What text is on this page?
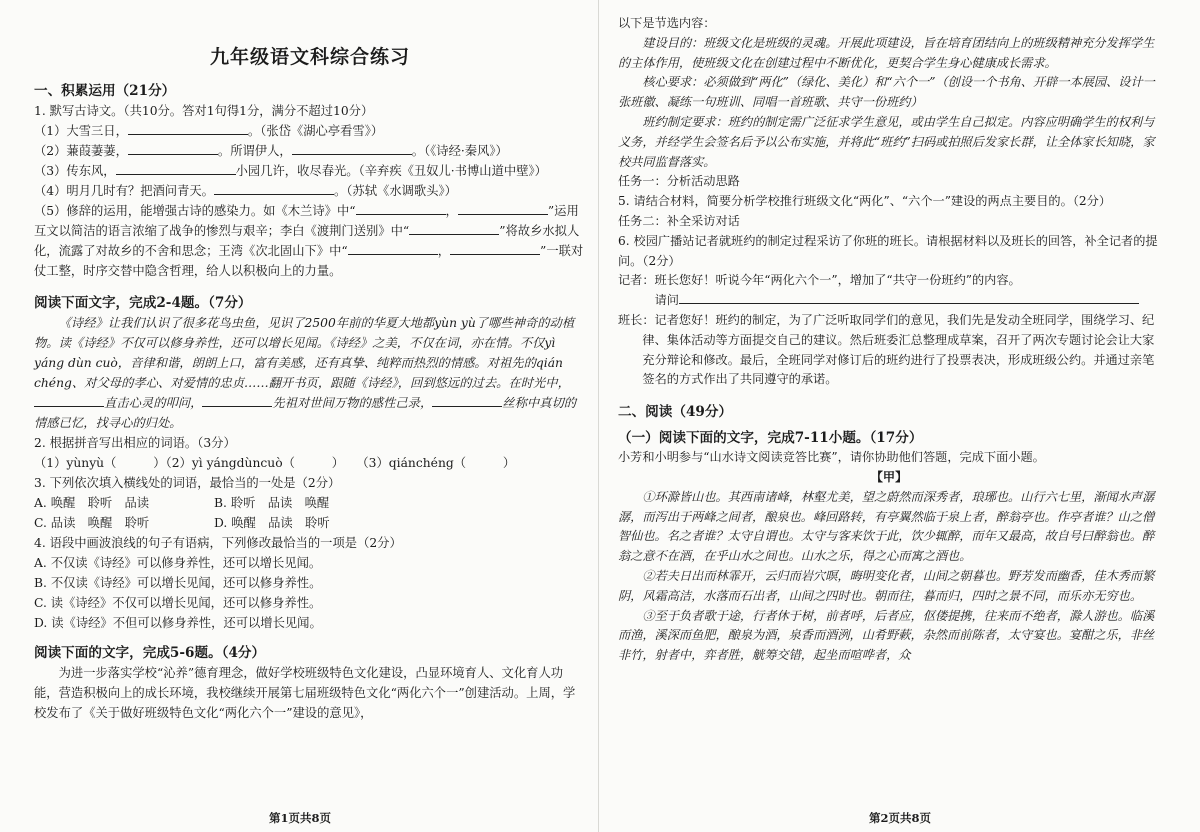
九年级语文科综合练习
一、积累运用（21分）

1. 默写古诗文。（共10分。答对1句得1分，满分不超过10分）

（1）大雪三日，	。（张岱《湖心亭看雪》）

（2）蒹葭萋萋，	。所谓伊人，	。（《诗经·秦风》）

（3）传东风，	小园几许，收尽春光。（辛弃疾《丑奴儿·书博山道中壁》）

（4）明月几时有？把酒问青天。	。（苏轼《水调歌头》）

（5）修辞的运用，能增强古诗的感染力。如《木兰诗》中“	，	”运用互文以简洁的语言浓缩了战争的惨烈与艰辛；李白《渡荆门送别》中“	”将故乡水拟人化，流露了对故乡的不舍和思念；王湾《次北固山下》中“	，	”一联对仗工整，时序交替中隐含哲理，给人以积极向上的力量。

阅读下面文字，完成2-4题。（7分）

《诗经》让我们认识了很多花鸟虫鱼，见识了2500年前的华夏大地都yùn yù了哪些神奇的动植物。读《诗经》不仅可以修身养性，还可以增长见闻。《诗经》之美，不仅在词，亦在情。不仅yì yáng dùn cuò，音律和谐，朗朗上口，富有美感，还有真挚、纯粹而热烈的情感。对祖先的qián chéng、对父母的孝心、对爱情的忠贞……翻开书页，跟随《诗经》，回到悠远的过去。在时光中，直击心灵的叩问，	先祖对世间万物的感性己录，	丝称中真切的情感已忆，找寻心的归处。

2. 根据拼音写出相应的词语。（3分）

（1）yùnyù（　　　）（2）yì yángdùncuò（　　　）　　（3）qiánchéng（　　　）

3. 下列依次填入横线处的词语，最恰当的一处是（2分）

A. 唤醒　聆听　品读	B. 聆听　品读　唤醒
C. 品读　唤醒　聆听	D. 唤醒　品读　聆听

4. 语段中画波浪线的句子有语病，下列修改最恰当的一项是（2分）

A. 不仅读《诗经》可以修身养性，还可以增长见闻。

B. 不仅读《诗经》可以增长见闻，还可以修身养性。

C. 读《诗经》不仅可以增长见闻，还可以修身养性。

D. 读《诗经》不但可以修身养性，还可以增长见闻。

阅读下面的文字，完成5-6题。（4分）

为进一步落实学校“沁养”德育理念，做好学校班级特色文化建设，凸显环境育人、文化育人功能，营造积极向上的成长环境，我校继续开展第七届班级特色文化“两化六个一”创建活动。上周，学校发布了《关于做好班级特色文化“两化六个一”建设的意见》，

第1页共8页

以下是节选内容：

建设目的：班级文化是班级的灵魂。开展此项建设，旨在培育团结向上的班级精神充分发挥学生的主体作用，使班级文化在创建过程中不断优化，更契合学生身心健康成长需求。

核心要求：必须做到“两化”（绿化、美化）和“六个一”（创设一个书角、开辟一本展园、设计一张班徽、凝练一句班训、同唱一首班歌、共守一份班约）

班约制定要求：班约的制定需广泛征求学生意见，或由学生自己拟定。内容应明确学生的权利与义务，并经学生会签名后予以公布实施，并将此“班约”扫码或拍照后发家长群，让全体家长知晓，家校共同监督落实。

任务一：分析活动思路

5. 请结合材料，简要分析学校推行班级文化“两化”、“六个一”建设的两点主要目的。（2分）

任务二：补全采访对话

6. 校园广播站记者就班约的制定过程采访了你班的班长。请根据材料以及班长的回答，补全记者的提问。（2分）

记者：班长您好！听说今年“两化六个一”，增加了“共守一份班约”的内容。

请问

班长：记者您好！班约的制定，为了广泛听取同学们的意见，我们先是发动全班同学，围绕学习、纪律、集体活动等方面提交自己的建议。然后班委汇总整理成草案，召开了两次专题讨论会让大家充分辩论和修改。最后，全班同学对修订后的班约进行了投票表决，形成班级公约。并通过亲笔签名的方式作出了共同遵守的承诺。

二、阅读（49分）
（一）阅读下面的文字，完成7-11小题。（17分）

小芳和小明参与“山水诗文阅读竞答比赛”，请你协助他们答题，完成下面小题。

【甲】

①环滁皆山也。其西南诸峰，林壑尤美，望之蔚然而深秀者，琅琊也。山行六七里，渐闻水声潺潺，而泻出于两峰之间者，酿泉也。峰回路转，有亭翼然临于泉上者，醉翁亭也。作亭者谁？山之僧智仙也。名之者谁？太守自谓也。太守与客来饮于此，饮少辄醉，而年又最高，故自号曰醉翁也。醉翁之意不在酒，在乎山水之间也。山水之乐，得之心而寓之酒也。

②若夫日出而林霏开，云归而岩穴暝，晦明变化者，山间之朝暮也。野芳发而幽香，佳木秀而繁阴，风霜高洁，水落而石出者，山间之四时也。朝而往，暮而归，四时之景不同，而乐亦无穷也。

③至于负者歌于途，行者休于树，前者呼，后者应，伛偻提携，往来而不绝者，滁人游也。临溪而渔，溪深而鱼肥，酿泉为酒，泉香而酒洌，山肴野蔌，杂然而前陈者，太守宴也。宴酣之乐，非丝非竹，射者中，弈者胜，觥筹交错，起坐而喧哗者，众

第2页共8页
